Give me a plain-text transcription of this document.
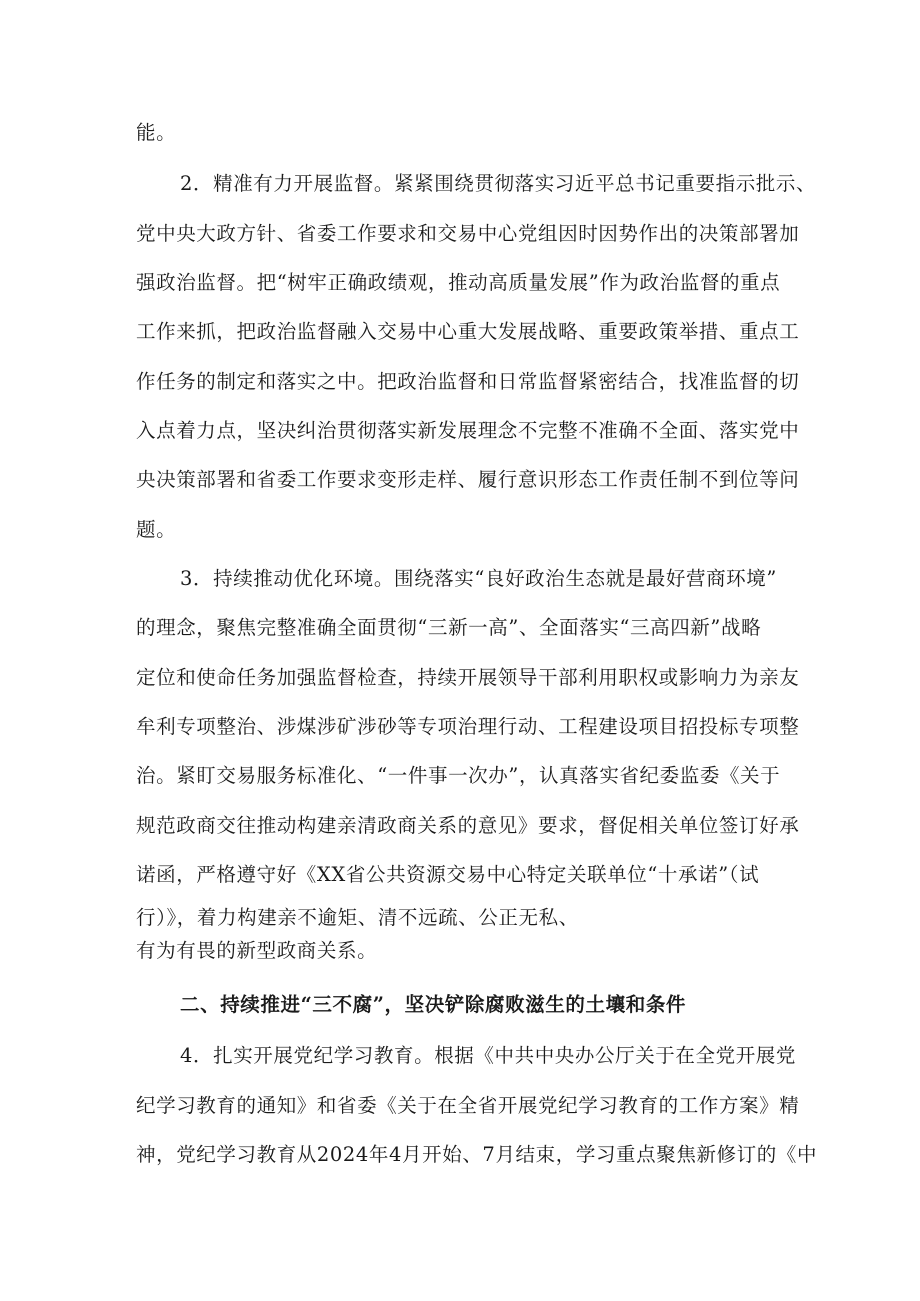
能。
2．精准有力开展监督。紧紧围绕贯彻落实习近平总书记重要指示批示、
党中央大政方针、省委工作要求和交易中心党组因时因势作出的决策部署加
强政治监督。把“树牢正确政绩观，推动高质量发展”作为政治监督的重点
工作来抓，把政治监督融入交易中心重大发展战略、重要政策举措、重点工
作任务的制定和落实之中。把政治监督和日常监督紧密结合，找准监督的切
入点着力点，坚决纠治贯彻落实新发展理念不完整不准确不全面、落实党中
央决策部署和省委工作要求变形走样、履行意识形态工作责任制不到位等问
题。
3．持续推动优化环境。围绕落实“良好政治生态就是最好营商环境”
的理念，聚焦完整准确全面贯彻“三新一高”、全面落实“三高四新”战略
定位和使命任务加强监督检查，持续开展领导干部利用职权或影响力为亲友
牟利专项整治、涉煤涉矿涉砂等专项治理行动、工程建设项目招投标专项整
治。紧盯交易服务标准化、“一件事一次办”，认真落实省纪委监委《关于
规范政商交往推动构建亲清政商关系的意见》要求，督促相关单位签订好承
诺函，严格遵守好《XX省公共资源交易中心特定关联单位“十承诺”（试
行）》，着力构建亲不逾矩、清不远疏、公正无私、
有为有畏的新型政商关系。
二、持续推进“三不腐”，坚决铲除腐败滋生的土壤和条件
4．扎实开展党纪学习教育。根据《中共中央办公厅关于在全党开展党
纪学习教育的通知》和省委《关于在全省开展党纪学习教育的工作方案》精
神，党纪学习教育从2024年4月开始、7月结束，学习重点聚焦新修订的《中
